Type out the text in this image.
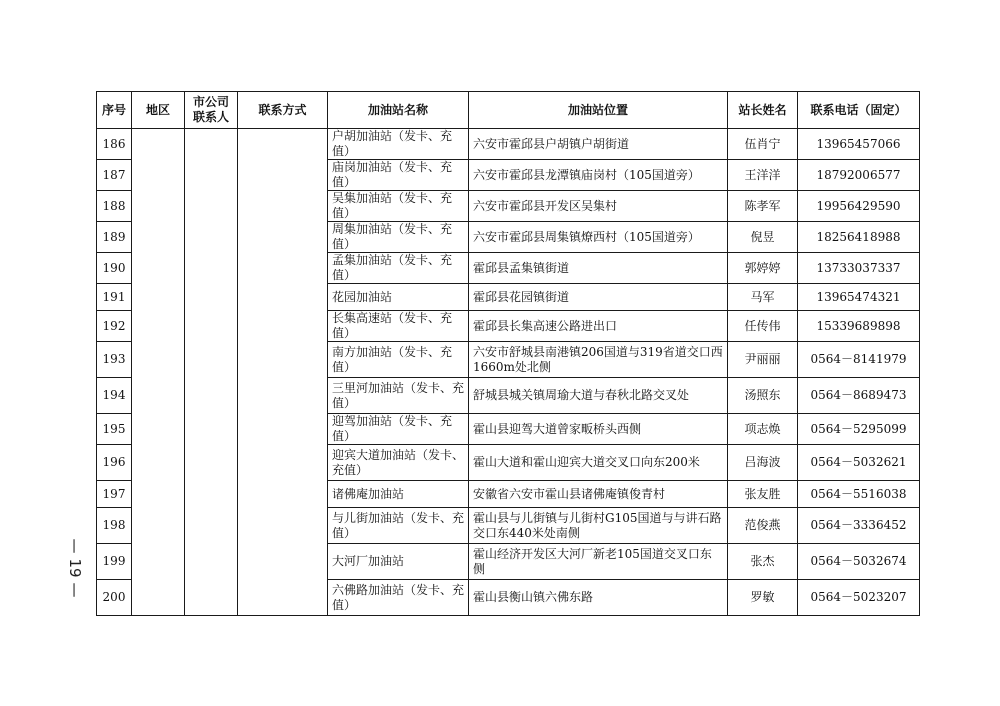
序号	地区	市公司联系人	联系方式	加油站名称	加油站位置	站长姓名	联系电话（固定）
186				户胡加油站（发卡、充值）	六安市霍邱县户胡镇户胡街道	伍肖宁	13965457066
187				庙岗加油站（发卡、充值）	六安市霍邱县龙潭镇庙岗村（105国道旁）	王洋洋	18792006577
188				吴集加油站（发卡、充值）	六安市霍邱县开发区吴集村	陈孝军	19956429590
189				周集加油站（发卡、充值）	六安市霍邱县周集镇燎西村（105国道旁）	倪昱	18256418988
190				孟集加油站（发卡、充值）	霍邱县孟集镇街道	郭婷婷	13733037337
191				花园加油站	霍邱县花园镇街道	马军	13965474321
192				长集高速站（发卡、充值）	霍邱县长集高速公路进出口	任传伟	15339689898
193				南方加油站（发卡、充值）	六安市舒城县南港镇206国道与319省道交口西1660m处北侧	尹丽丽	0564－8141979
194				三里河加油站（发卡、充值）	舒城县城关镇周瑜大道与春秋北路交叉处	汤照东	0564－8689473
195				迎驾加油站（发卡、充值）	霍山县迎驾大道曾家畈桥头西侧	项志焕	0564－5295099
196				迎宾大道加油站（发卡、充值）	霍山大道和霍山迎宾大道交叉口向东200米	吕海波	0564－5032621
197				诸佛庵加油站	安徽省六安市霍山县诸佛庵镇俊青村	张友胜	0564－5516038
198				与儿街加油站（发卡、充值）	霍山县与儿街镇与儿街村G105国道与与讲石路交口东440米处南侧	范俊燕	0564－3336452
199				大河厂加油站	霍山经济开发区大河厂新老105国道交叉口东侧	张杰	0564－5032674
200				六佛路加油站（发卡、充值）	霍山县衡山镇六佛东路	罗敏	0564－5023207
—
19
—
